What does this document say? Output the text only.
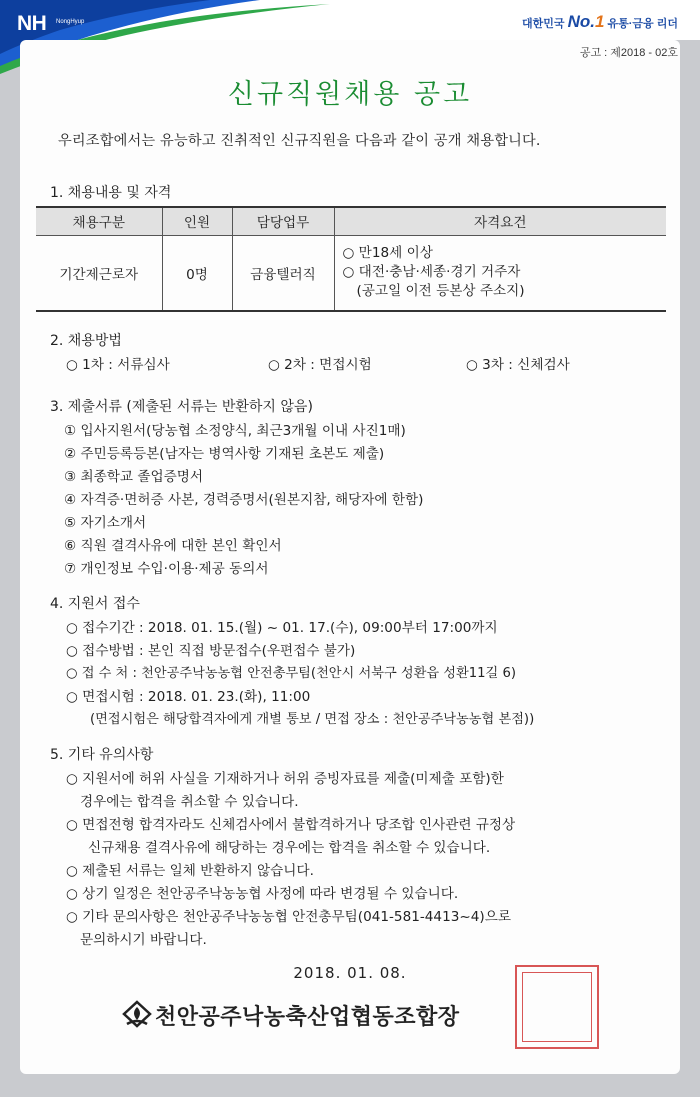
NH NongHyup	대한민국 No.1 유통·금융 리더
공고 : 제2018 - 02호
신규직원채용 공고
우리조합에서는 유능하고 진취적인 신규직원을 다음과 같이 공개 채용합니다.
1. 채용내용 및 자격
채용구분	인원	담당업무	자격요건
기간제근로자	0명	금융텔러직	○ 만18세 이상
○ 대전·충남·세종·경기 거주자
(공고일 이전 등본상 주소지)
2. 채용방법
○ 1차 : 서류심사	○ 2차 : 면접시험	○ 3차 : 신체검사
3. 제출서류 (제출된 서류는 반환하지 않음)
① 입사지원서(당농협 소정양식, 최근3개월 이내 사진1매)
② 주민등록등본(남자는 병역사항 기재된 초본도 제출)
③ 최종학교 졸업증명서
④ 자격증·면허증 사본, 경력증명서(원본지참, 해당자에 한함)
⑤ 자기소개서
⑥ 직원 결격사유에 대한 본인 확인서
⑦ 개인정보 수입·이용·제공 동의서
4. 지원서 접수
○ 접수기간 : 2018. 01. 15.(월) ~ 01. 17.(수), 09:00부터 17:00까지
○ 접수방법 : 본인 직접 방문접수(우편접수 불가)
○ 접 수 처 : 천안공주낙농농협 안전총무팀(천안시 서북구 성환읍 성환11길 6)
○ 면접시험 : 2018. 01. 23.(화), 11:00
(면접시험은 해당합격자에게 개별 통보 / 면접 장소 : 천안공주낙농농협 본점))
5. 기타 유의사항
○ 지원서에 허위 사실을 기재하거나 허위 증빙자료를 제출(미제출 포함)한
경우에는 합격을 취소할 수 있습니다.
○ 면접전형 합격자라도 신체검사에서 불합격하거나 당조합 인사관련 규정상
신규채용 결격사유에 해당하는 경우에는 합격을 취소할 수 있습니다.
○ 제출된 서류는 일체 반환하지 않습니다.
○ 상기 일정은 천안공주낙농농협 사정에 따라 변경될 수 있습니다.
○ 기타 문의사항은 천안공주낙농농협 안전총무팀(041-581-4413~4)으로
문의하시기 바랍니다.
2018. 01. 08.
천안공주낙농축산업협동조합장
